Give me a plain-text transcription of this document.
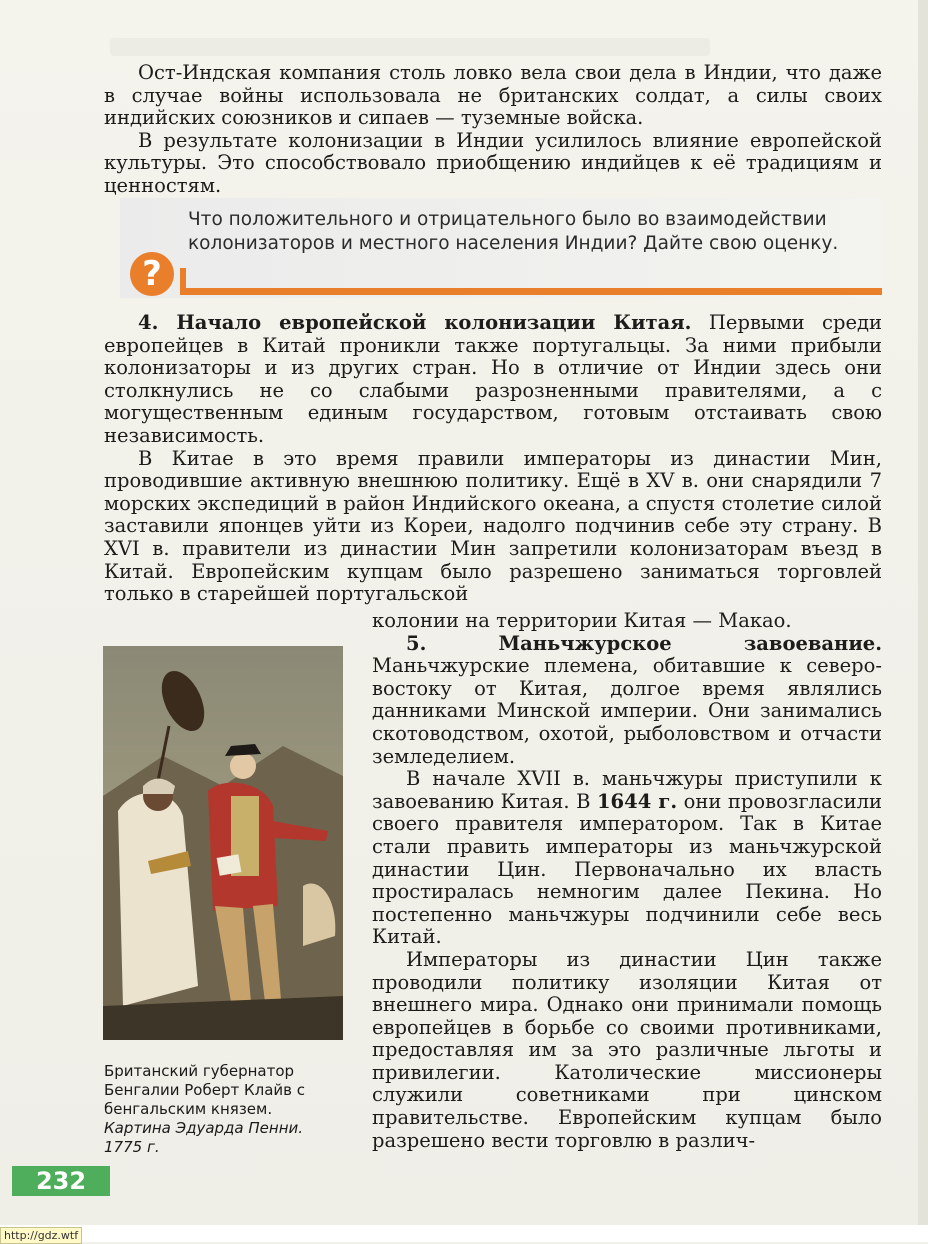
Ост-Индская компания столь ловко вела свои дела в Индии, что даже в случае войны использовала не британских солдат, а силы своих индийских союзников и сипаев — туземные войска.

В результате колонизации в Индии усилилось влияние европейской культуры. Это способствовало приобщению индийцев к её традициям и ценностям.

Что положительного и отрицательного было во взаимодействии колонизаторов и местного населения Индии? Дайте свою оценку.
?

4. Начало европейской колонизации Китая. Первыми среди европейцев в Китай проникли также португальцы. За ними прибыли колонизаторы и из других стран. Но в отличие от Индии здесь они столкнулись не со слабыми разрозненными правителями, а с могущественным единым государством, готовым отстаивать свою независимость.

В Китае в это время правили императоры из династии Мин, проводившие активную внешнюю политику. Ещё в XV в. они снарядили 7 морских экспедиций в район Индийского океана, а спустя столетие силой заставили японцев уйти из Кореи, надолго подчинив себе эту страну. В XVI в. правители из династии Мин запретили колонизаторам въезд в Китай. Европейским купцам было разрешено заниматься торговлей только в старейшей португальской

колонии на территории Китая — Макао.

5. Маньчжурское завоевание. Маньчжурские племена, обитавшие к северо-востоку от Китая, долгое время являлись данниками Минской империи. Они занимались скотоводством, охотой, рыболовством и отчасти земледелием.

В начале XVII в. маньчжуры приступили к завоеванию Китая. В 1644 г. они провозгласили своего правителя императором. Так в Китае стали править императоры из маньчжурской династии Цин. Первоначально их власть простиралась немногим далее Пекина. Но постепенно маньчжуры подчинили себе весь Китай.

Императоры из династии Цин также проводили политику изоляции Китая от внешнего мира. Однако они принимали помощь европейцев в борьбе со своими противниками, предоставляя им за это различные льготы и привилегии. Католические миссионеры служили советниками при цинском правительстве. Европейским купцам было разрешено вести торговлю в различ-

Британский губернатор Бенгалии Роберт Клайв с бенгальским князем.
Картина Эдуарда Пенни. 1775 г.
232
http://gdz.wtf
